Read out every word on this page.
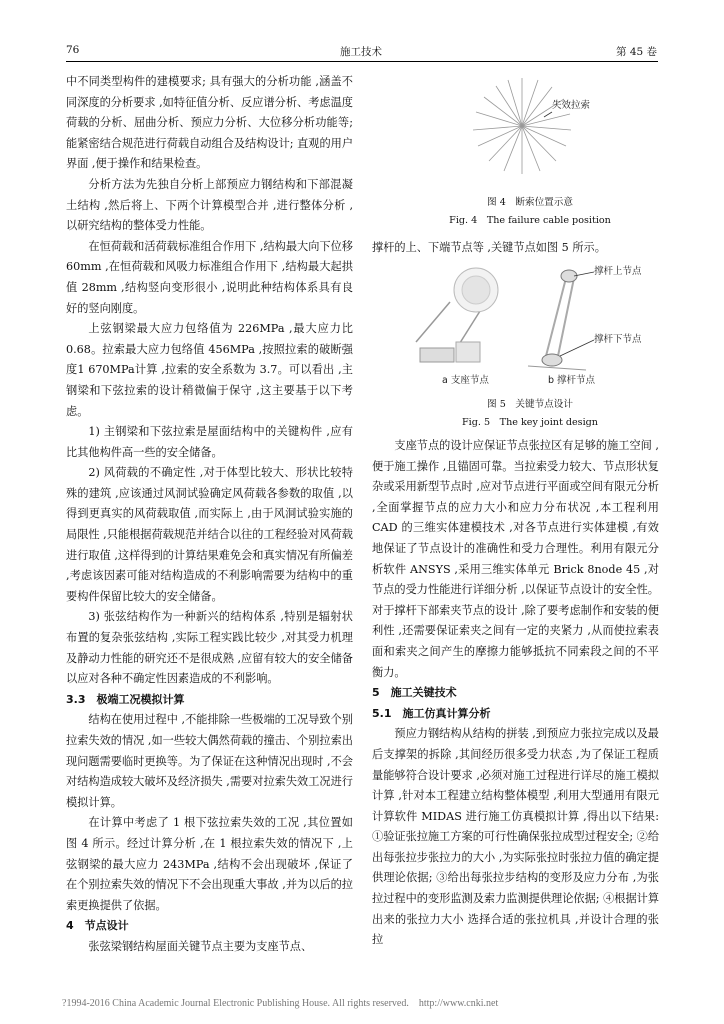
76	施工技术	第 45 卷

中不同类型构件的建模要求; 具有强大的分析功能 ,涵盖不同深度的分析要求 ,如特征值分析、反应谱分析、考虑温度荷载的分析、屈曲分析、预应力分析、大位移分析功能等; 能紧密结合规范进行荷载自动组合及结构设计; 直观的用户界面 ,便于操作和结果检查。

分析方法为先独自分析上部预应力钢结构和下部混凝土结构 ,然后将上、下两个计算模型合并 ,进行整体分析 ,以研究结构的整体受力性能。

在恒荷载和活荷载标准组合作用下 ,结构最大向下位移 60mm ,在恒荷载和风吸力标准组合作用下 ,结构最大起拱值 28mm ,结构竖向变形很小 ,说明此种结构体系具有良好的竖向刚度。

上弦钢梁最大应力包络值为 226MPa ,最大应力比 0.68。拉索最大应力包络值 456MPa ,按照拉索的破断强度1 670MPa计算 ,拉索的安全系数为 3.7。可以看出 ,主钢梁和下弦拉索的设计稍微偏于保守 ,这主要基于以下考虑。

1) 主钢梁和下弦拉索是屋面结构中的关键构件 ,应有比其他构件高一些的安全储备。

2) 风荷载的不确定性 ,对于体型比较大、形状比较特殊的建筑 ,应该通过风洞试验确定风荷载各参数的取值 ,以得到更真实的风荷载取值 ,而实际上 ,由于风洞试验实施的局限性 ,只能根据荷载规范并结合以往的工程经验对风荷载进行取值 ,这样得到的计算结果难免会和真实情况有所偏差 ,考虑该因素可能对结构造成的不利影响需要为结构中的重要构件保留比较大的安全储备。

3) 张弦结构作为一种新兴的结构体系 ,特别是辐射状布置的复杂张弦结构 ,实际工程实践比较少 ,对其受力机理及静动力性能的研究还不是很成熟 ,应留有较大的安全储备以应对各种不确定性因素造成的不利影响。

3.3　极端工况模拟计算

结构在使用过程中 ,不能排除一些极端的工况导致个别拉索失效的情况 ,如一些较大偶然荷载的撞击、个别拉索出现问题需要临时更换等。为了保证在这种情况出现时 ,不会对结构造成较大破坏及经济损失 ,需要对拉索失效工况进行模拟计算。

在计算中考虑了 1 根下弦拉索失效的工况 ,其位置如图 4 所示。经过计算分析 ,在 1 根拉索失效的情况下 ,上弦钢梁的最大应力 243MPa ,结构不会出现破坏 ,保证了在个别拉索失效的情况下不会出现重大事故 ,并为以后的拉索更换提供了依据。

4　节点设计

张弦梁钢结构屋面关键节点主要为支座节点、

失效拉索
图 4　断索位置示意
Fig. 4　The failure cable position
撑杆的上、下端节点等 ,关键节点如图 5 所示。
撑杆上节点
撑杆下节点
a 支座节点	b 撑杆节点
图 5　关键节点设计
Fig. 5　The key joint design

支座节点的设计应保证节点张拉区有足够的施工空间 ,便于施工操作 ,且锚固可靠。当拉索受力较大、节点形状复杂或采用新型节点时 ,应对节点进行平面或空间有限元分析 ,全面掌握节点的应力大小和应力分布状况 ,本工程利用 CAD 的三维实体建模技术 ,对各节点进行实体建模 ,有效地保证了节点设计的准确性和受力合理性。利用有限元分析软件 ANSYS ,采用三维实体单元 Brick 8node 45 ,对节点的受力性能进行详细分析 ,以保证节点设计的安全性。对于撑杆下部索夹节点的设计 ,除了要考虑制作和安装的便利性 ,还需要保证索夹之间有一定的夹紧力 ,从而使拉索表面和索夹之间产生的摩擦力能够抵抗不同索段之间的不平衡力。

5　施工关键技术

5.1　施工仿真计算分析

预应力钢结构从结构的拼装 ,到预应力张拉完成以及最后支撑架的拆除 ,其间经历很多受力状态 ,为了保证工程质量能够符合设计要求 ,必须对施工过程进行详尽的施工模拟计算 ,针对本工程建立结构整体模型 ,利用大型通用有限元计算软件 MIDAS 进行施工仿真模拟计算 ,得出以下结果: ①验证张拉施工方案的可行性确保张拉成型过程安全; ②给出每张拉步张拉力的大小 ,为实际张拉时张拉力值的确定提供理论依据; ③给出每张拉步结构的变形及应力分布 ,为张拉过程中的变形监测及索力监测提供理论依据; ④根据计算出来的张拉力大小 选择合适的张拉机具 ,并设计合理的张拉

?1994-2016 China Academic Journal Electronic Publishing House. All rights reserved.　http://www.cnki.net
